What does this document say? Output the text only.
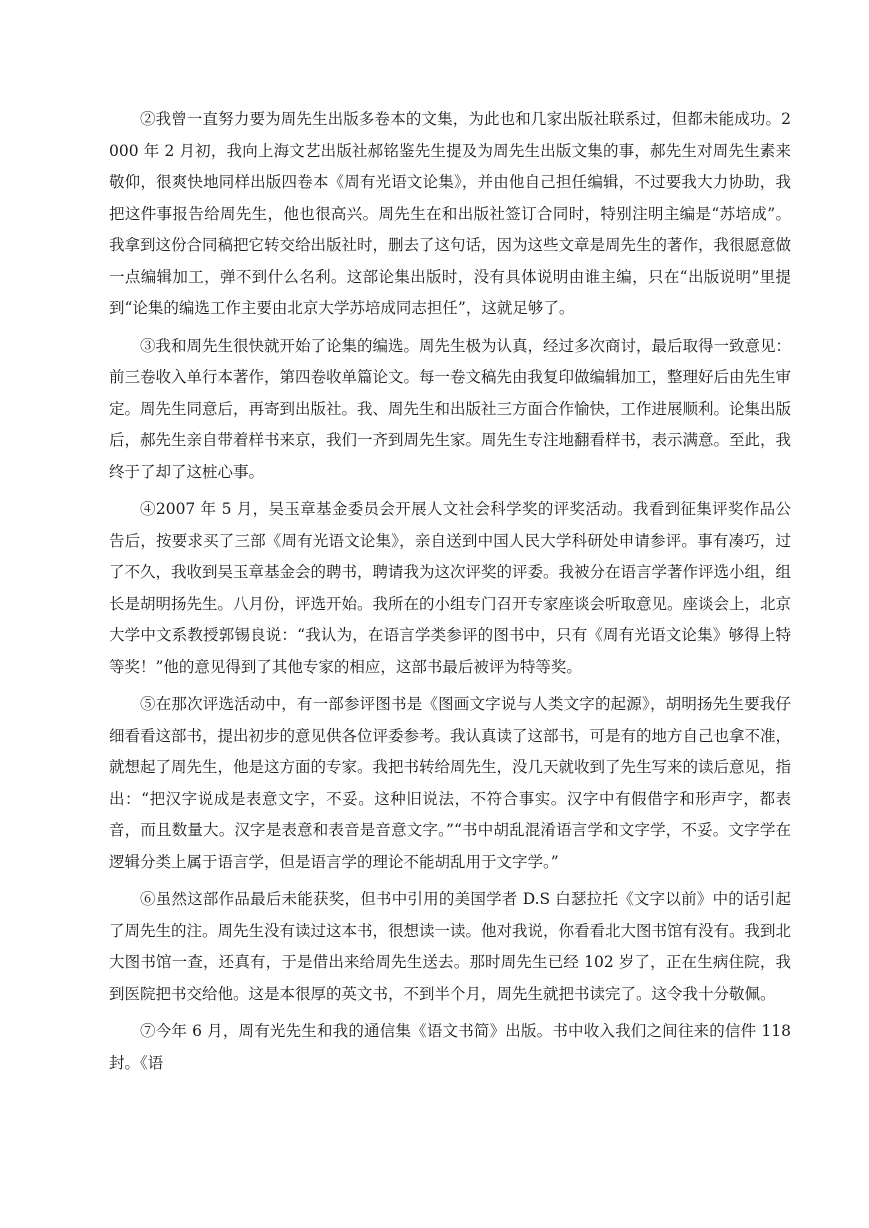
②我曾一直努力要为周先生出版多卷本的文集，为此也和几家出版社联系过，但都未能成功。2000 年 2 月初，我向上海文艺出版社郝铭鉴先生提及为周先生出版文集的事，郝先生对周先生素来敬仰，很爽快地同样出版四卷本《周有光语文论集》，并由他自己担任编辑，不过要我大力协助，我把这件事报告给周先生，他也很高兴。周先生在和出版社签订合同时，特别注明主编是“苏培成”。我拿到这份合同稿把它转交给出版社时，删去了这句话，因为这些文章是周先生的著作，我很愿意做一点编辑加工，弹不到什么名利。这部论集出版时，没有具体说明由谁主编，只在“出版说明”里提到“论集的编选工作主要由北京大学苏培成同志担任”，这就足够了。

③我和周先生很快就开始了论集的编选。周先生极为认真，经过多次商讨，最后取得一致意见：前三卷收入单行本著作，第四卷收单篇论文。每一卷文稿先由我复印做编辑加工，整理好后由先生审定。周先生同意后，再寄到出版社。我、周先生和出版社三方面合作愉快，工作进展顺利。论集出版后，郝先生亲自带着样书来京，我们一齐到周先生家。周先生专注地翻看样书，表示满意。至此，我终于了却了这桩心事。

④2007 年 5 月，吴玉章基金委员会开展人文社会科学奖的评奖活动。我看到征集评奖作品公告后，按要求买了三部《周有光语文论集》，亲自送到中国人民大学科研处申请参评。事有凑巧，过了不久，我收到吴玉章基金会的聘书，聘请我为这次评奖的评委。我被分在语言学著作评选小组，组长是胡明扬先生。八月份，评选开始。我所在的小组专门召开专家座谈会听取意见。座谈会上，北京大学中文系教授郭锡良说：“我认为，在语言学类参评的图书中，只有《周有光语文论集》够得上特等奖！”他的意见得到了其他专家的相应，这部书最后被评为特等奖。

⑤在那次评选活动中，有一部参评图书是《图画文字说与人类文字的起源》，胡明扬先生要我仔细看看这部书，提出初步的意见供各位评委参考。我认真读了这部书，可是有的地方自己也拿不准，就想起了周先生，他是这方面的专家。我把书转给周先生，没几天就收到了先生写来的读后意见，指出：“把汉字说成是表意文字，不妥。这种旧说法，不符合事实。汉字中有假借字和形声字，都表音，而且数量大。汉字是表意和表音是音意文字。”“书中胡乱混淆语言学和文字学，不妥。文字学在逻辑分类上属于语言学，但是语言学的理论不能胡乱用于文字学。”

⑥虽然这部作品最后未能获奖，但书中引用的美国学者 D.S 白瑟拉托《文字以前》中的话引起了周先生的注。周先生没有读过这本书，很想读一读。他对我说，你看看北大图书馆有没有。我到北大图书馆一查，还真有，于是借出来给周先生送去。那时周先生已经 102 岁了，正在生病住院，我到医院把书交给他。这是本很厚的英文书，不到半个月，周先生就把书读完了。这令我十分敬佩。

⑦今年 6 月，周有光先生和我的通信集《语文书简》出版。书中收入我们之间往来的信件 118 封。《语
